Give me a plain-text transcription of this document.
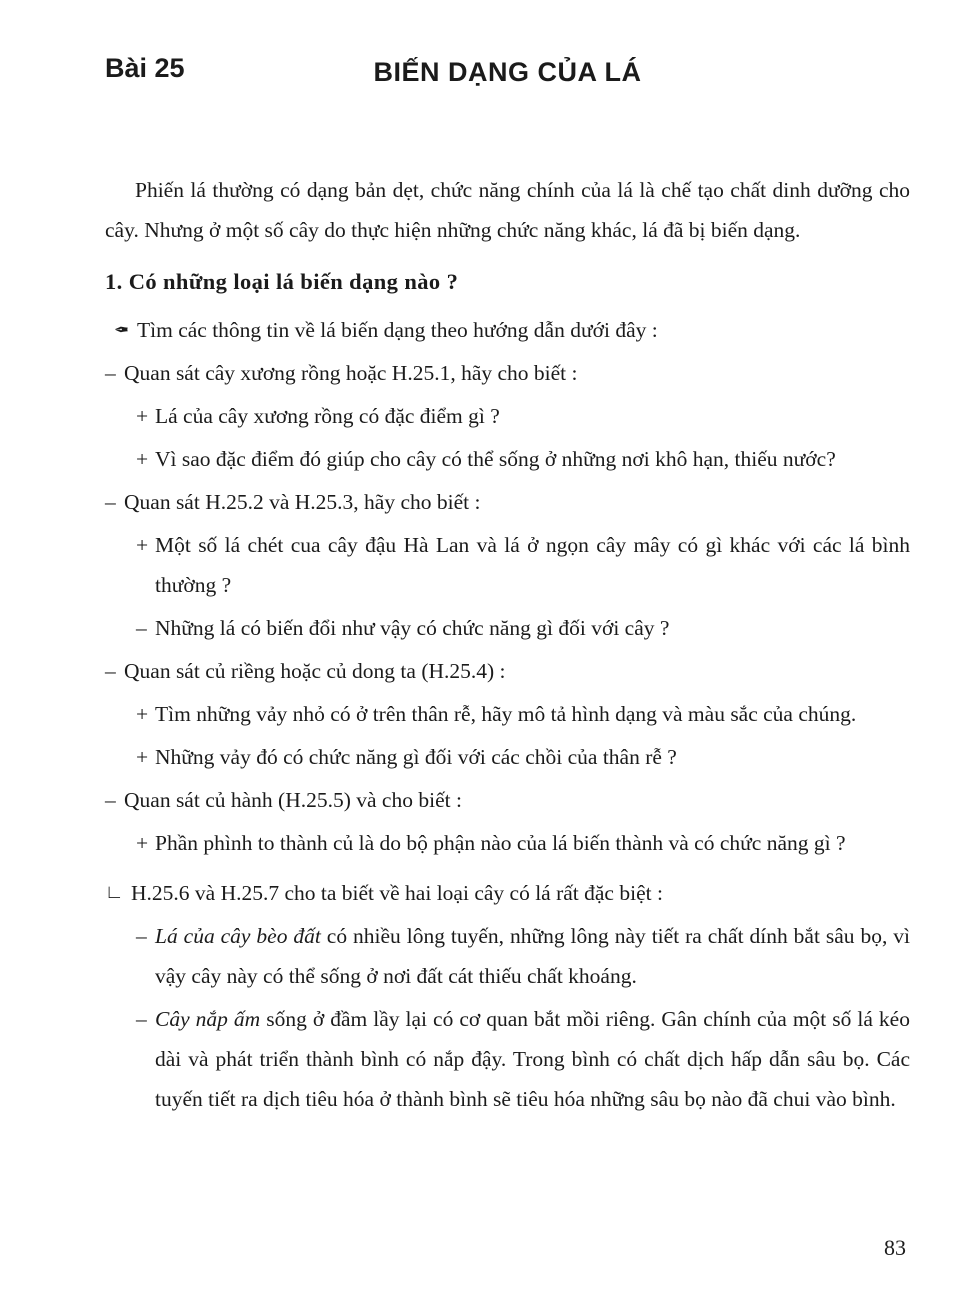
Bài 25	BIẾN DẠNG CỦA LÁ

Phiến lá thường có dạng bản dẹt, chức năng chính của lá là chế tạo chất dinh dưỡng cho cây. Nhưng ở một số cây do thực hiện những chức năng khác, lá đã bị biến dạng.

1. Có những loại lá biến dạng nào ?
✒ Tìm các thông tin về lá biến dạng theo hướng dẫn dưới đây :
– Quan sát cây xương rồng hoặc H.25.1, hãy cho biết :
+ Lá của cây xương rồng có đặc điểm gì ?
+ Vì sao đặc điểm đó giúp cho cây có thể sống ở những nơi khô hạn, thiếu nước?
– Quan sát H.25.2 và H.25.3, hãy cho biết :
+ Một số lá chét cua cây đậu Hà Lan và lá ở ngọn cây mây có gì khác với các lá bình thường ?
– Những lá có biến đổi như vậy có chức năng gì đối với cây ?
– Quan sát củ riềng hoặc củ dong ta (H.25.4) :
+ Tìm những vảy nhỏ có ở trên thân rễ, hãy mô tả hình dạng và màu sắc của chúng.
+ Những vảy đó có chức năng gì đối với các chồi của thân rễ ?
– Quan sát củ hành (H.25.5) và cho biết :
+ Phần phình to thành củ là do bộ phận nào của lá biến thành và có chức năng gì ?
∟ H.25.6 và H.25.7 cho ta biết về hai loại cây có lá rất đặc biệt :
– Lá của cây bèo đất có nhiều lông tuyến, những lông này tiết ra chất dính bắt sâu bọ, vì vậy cây này có thể sống ở nơi đất cát thiếu chất khoáng.
– Cây nắp ấm sống ở đầm lầy lại có cơ quan bắt mồi riêng. Gân chính của một số lá kéo dài và phát triển thành bình có nắp đậy. Trong bình có chất dịch hấp dẫn sâu bọ. Các tuyến tiết ra dịch tiêu hóa ở thành bình sẽ tiêu hóa những sâu bọ nào đã chui vào bình.
83
